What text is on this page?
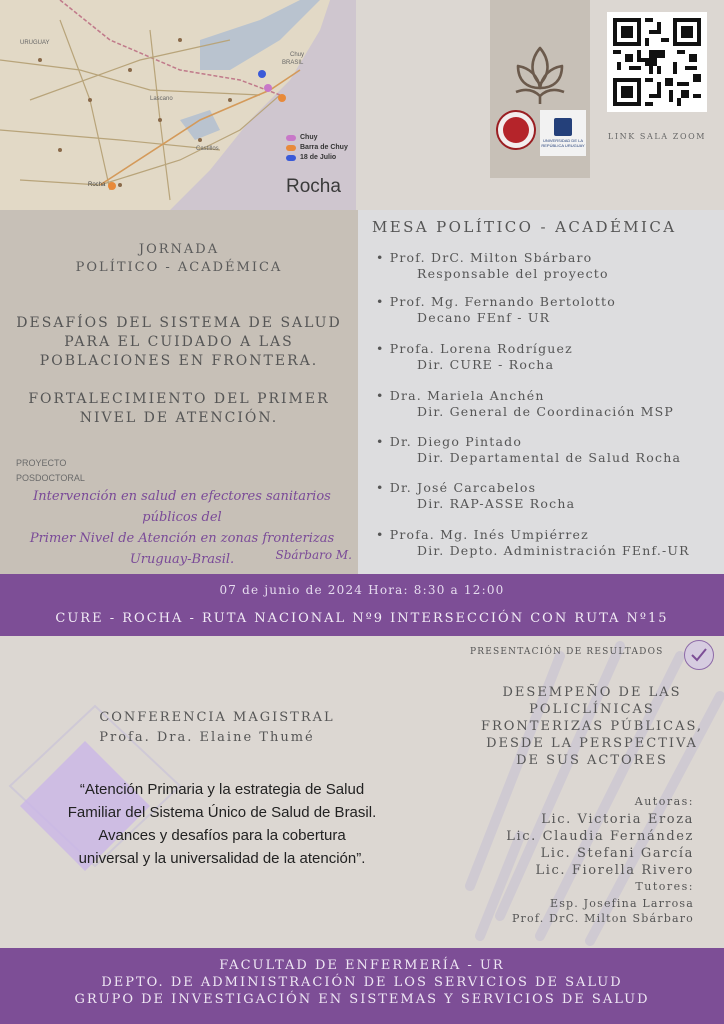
Chuy
Rocha
BRASIL
URUGUAY
Lascano
Castillos
Chuy
Barra de Chuy
18 de Julio
Rocha
UNIVERSIDAD DE LA REPÚBLICA URUGUAY
LINK SALA ZOOM
JORNADA
POLÍTICO - ACADÉMICA
DESAFÍOS DEL SISTEMA DE SALUD
PARA EL CUIDADO A LAS
POBLACIONES EN FRONTERA.
FORTALECIMIENTO DEL PRIMER
NIVEL DE ATENCIÓN.
PROYECTO
POSDOCTORAL
Intervención en salud en efectores sanitarios públicos del
Primer Nivel de Atención en zonas fronterizas
Uruguay-Brasil.	Sbárbaro M.
MESA POLÍTICO - ACADÉMICA
• Prof. DrC. Milton Sbárbaro
Responsable del proyecto
• Prof. Mg. Fernando Bertolotto
Decano FEnf - UR
• Profa. Lorena Rodríguez
Dir. CURE - Rocha
• Dra. Mariela Anchén
Dir. General de Coordinación MSP
• Dr. Diego Pintado
Dir. Departamental de Salud Rocha
• Dr. José Carcabelos
Dir. RAP-ASSE Rocha
• Profa. Mg. Inés Umpiérrez
Dir. Depto. Administración FEnf.-UR
07 de junio de 2024 Hora: 8:30 a 12:00
CURE - ROCHA - RUTA NACIONAL Nº9 INTERSECCIÓN CON RUTA Nº15
CONFERENCIA MAGISTRAL
Profa. Dra. Elaine Thumé
“Atención Primaria y la estrategia de Salud
Familiar del Sistema Único de Salud de Brasil.
Avances y desafíos para la cobertura
universal y la universalidad de la atención”.
PRESENTACIÓN DE RESULTADOS
DESEMPEÑO DE LAS
POLICLÍNICAS
FRONTERIZAS PÚBLICAS,
DESDE LA PERSPECTIVA
DE SUS ACTORES
Autoras:
Lic. Victoria Eroza
Lic. Claudia Fernández
Lic. Stefani García
Lic. Fiorella Rivero
Tutores:
Esp. Josefina Larrosa
Prof. DrC. Milton Sbárbaro
FACULTAD DE ENFERMERÍA - UR
DEPTO. DE ADMINISTRACIÓN DE LOS SERVICIOS DE SALUD
GRUPO DE INVESTIGACIÓN EN SISTEMAS Y SERVICIOS DE SALUD
